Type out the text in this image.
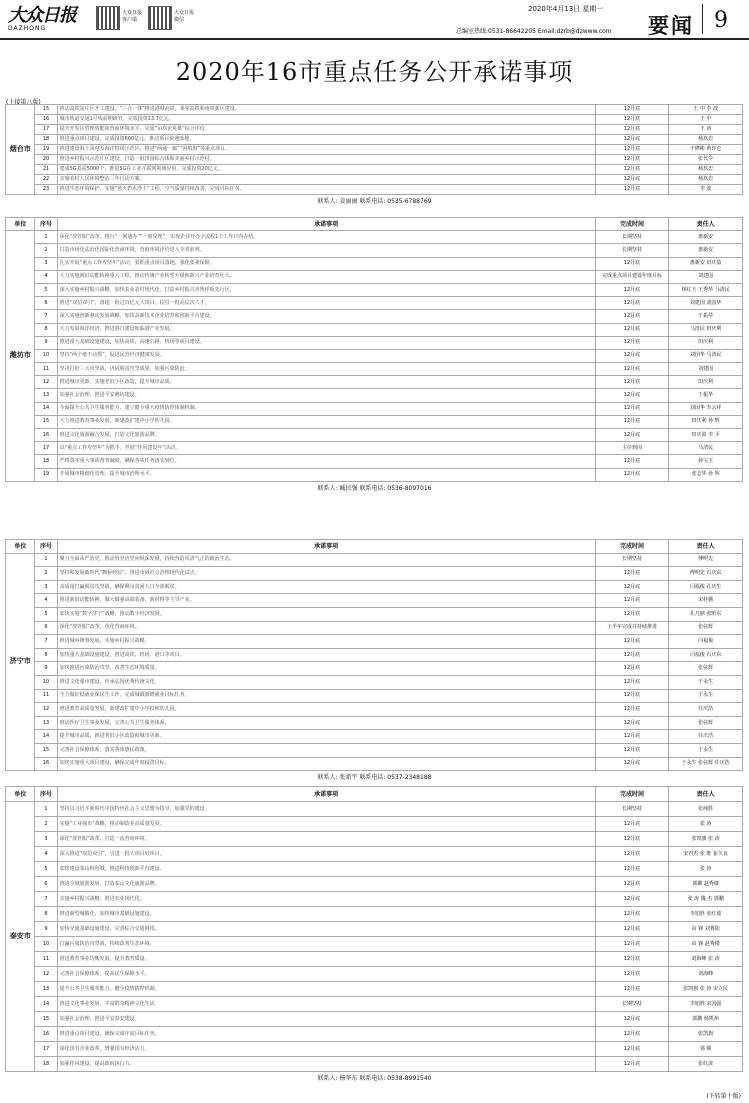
大众日报
DAZHONG
大众日报 客户端
大众日报 微信
2020年4月13日 星期一
总编室热线:0531-86642205 Email:dzrb@dzwww.com 要闻 9
2020年16市重点任务公开承诺事项
(上接第八版)
烟台市	15	推动高铁站片区开工建设。“三合一体”推进港城高铁，莱荣高铁和南铁新区建设。	12月底	王 中 李 波
	16	城市轨道交通1号线前期研究，完成投资13.7亿元。	12月底	王 中
	17	提升开发区管理效能和营商环境水平，完成“亩均论英雄”综合评价。	12月底	王 涛
	18	推进重点项目建设，完成投资600亿元，推动项目快速落地。	12月底	杨玖忠
	19	推进建设海上风电及海洋牧场示范区，推进“两通一廊”“围填海”等重点项目。	12月底	于修彬 黄作仑
	20	推进乡村振兴示范片区建设，打造一批田园综合体和美丽乡村示范村。	12月底	张代令
	21	建成5G基站5000个，推进5G在工业互联网领域应用，完成投资20亿元。	12月底	杨玖忠
	22	实施农村人居环境整治三年行动方案。	12月底	杨玖忠
	23	推进生态环境保护，实施“蓝天碧水净土”工程，空气质量持续改善，完成目标任务。	12月底	李 波
联系人: 姜丽丽 联系电话: 0535-6788769
单位	序号	承诺事项	完成时间	责任人
潍坊市	1	深化“放管服”改革，推行“一网通办”“一窗受理”，实现企业开办全流程1个工作日内办结。	长期坚持	惠新安
	2	打造市场化法治化国际化营商环境，营商环境评价进入全省前列。	长期坚持	惠新安
	3	扎实开展“重点工作攻坚年”活动，狠抓重点项目落地，强化要素保障。	12月底	惠新安 田庆盈
	4	大力实施新旧动能转换重大工程，推动传统产业转型升级和新兴产业培育壮大。	完成重点项目建设年度目标	刘建国
	5	深入实施乡村振兴战略，加快农业农村现代化，打造乡村振兴齐鲁样板先行区。	12月底	林红玉 王秀华 马清民
	6	推进“双招双引”，落地一批过百亿元大项目，招引一批高层次人才。	12月底	刘建国 刘国华
	7	深入实施创新驱动发展战略，加快高新技术企业培育和创新平台建设。	12月底	于振华
	8	大力发展海洋经济，推进港口建设和临港产业发展。	12月底	马清民 田庆利
	9	推进重大基础设施建设，加快高铁、高速公路、机场等项目建设。	12月底	田庆利
	10	坚持“两个毫不动摇”，促进民营经济健康发展。	12月底	刘国华 马清民
	11	坚决打好三大攻坚战，巩固脱贫攻坚成果，加强污染防治。	12月底	刘建国
	12	推进城市更新，实施老旧小区改造，提升城市品质。	12月底	田庆利
	13	加强社会治理，推进平安潍坊建设。	12月底	于振华
	14	全面提升公共卫生服务能力，建立健全重大疫情防控体制机制。	12月底	刘国华 李云祥
	15	大力推进教育事业发展，新建改扩建中小学幼儿园。	12月底	田庆利 孙 辉
	16	推进文化旅游融合发展，打造文化旅游品牌。	12月底	田庆盈 李 平
	17	以“重点工作攻坚年”为抓手，开展“作风建设年”活动。	主任到岗	马清民
	18	严格落实重大事项督查制度，确保各项任务落实到位。	12月底	孙宝玉
	19	开展城市精细化管理，提升城市治理水平。	12月底	张志华 孙 辉
联系人: 臧民强 联系电话: 0536-8097016
单位	序号	承诺事项	完成时间	责任人
济宁市	1	聚力全面从严治党，推动管党治党向纵深发展，持续营造风清气正的政治生态。	长期坚持	傅明先
	2	坚持和发展新时代“枫桥经验”，推进市域社会治理现代化试点。	12月底	傅明先 石庆东
	3	高质量打赢脱贫攻坚战，确保剩余贫困人口全部脱贫。	12月底	闫福俊 孔庆生
	4	推进新旧动能转换，做大做强高端装备、新材料等主导产业。	12月底	宋桂娥
	5	加快实施“数字济宁”战略，推动数字经济发展。	12月底	孔凡鼎 张昕东
	6	深化“放管服”改革，优化营商环境。	上半年完成并持续推进	张弦辉
	7	推进城乡统筹发展，实施乡村振兴战略。	12月底	闫福俊
	8	加快重大基础设施建设，推进高铁、机场、港口等项目。	12月底	闫福俊 石庆东
	9	加快推进污染防治攻坚，改善生态环境质量。	12月底	张弦辉
	10	推进文化强市建设，传承弘扬优秀传统文化。	12月底	于永生
	11	全力做好稳就业保民生工作，完成城镇新增就业目标任务。	12月底	于永生
	12	推进教育高质量发展，新建改扩建中小学校和幼儿园。	12月底	任庆浩
	13	推动医疗卫生事业发展，完善公共卫生服务体系。	12月底	张弦辉
	14	提升城市品质，推进老旧小区改造和城市更新。	12月底	任庆浩
	15	完善社会保障体系，落实各项惠民政策。	12月底	于永生
	16	加快实施重大项目建设，确保完成年度投资目标。	12月底	于永生 张弦辉 任庆浩
联系人: 张新宇 联系电话: 0537-2348188
单位	序号	承诺事项	完成时间	责任人
泰安市	1	坚持以习近平新时代中国特色社会主义思想为指导，加强党的建设。	长期坚持	张纯胜
	2	实施“工业强市”战略，推动制造业高质量发展。	12月底	张 涛
	3	深化“放管服”改革，打造一流营商环境。	12月底	张凯旗 张 涛
	4	深入推进“双招双引”，引进一批大项目好项目。	12月底	宋君杰 张 维 崔久良
	5	加快建设泰山科创城，推进科技创新平台建设。	12月底	张 涛
	6	推进全域旅游发展，打造泰山文化旅游品牌。	12月底	郭鹏 赵秀楼
	7	实施乡村振兴战略，推进农业现代化。	12月底	张 涛 魏 杰 郭鹏
	8	推进新型城镇化，加快城市基础设施建设。	12月底	李旭胜 张红波
	9	加快交通基础设施建设，完善综合交通网络。	12月底	由 锋 刘赛阳
	10	打赢污染防治攻坚战，持续改善生态环境。	12月底	由 锋 赵秀楼
	11	推进教育事业均衡发展，提升教育质量。	12月底	刘海峰 张 涛
	12	完善社会保障体系，提高民生保障水平。	12月底	刘海峰
	13	提升公共卫生服务能力，健全疫情防控机制。	12月底	张凯旗 张 涛 宋立民
	14	推进文化事业发展，丰富群众精神文化生活。	长期坚持	李旭胜 宋国强
	15	加强社会治理，推进平安泰安建设。	12月底	郭鹏 杨凯州
	16	推进重点项目建设，确保完成年度目标任务。	12月底	张凯旗
	17	深化国有企业改革，增强国有经济活力。	12月底	郭 锦
	18	加强作风建设，提高政府执行力。	12月底	张红波
联系人: 杨华东 联系电话: 0538-8991540
(下转第十版)
